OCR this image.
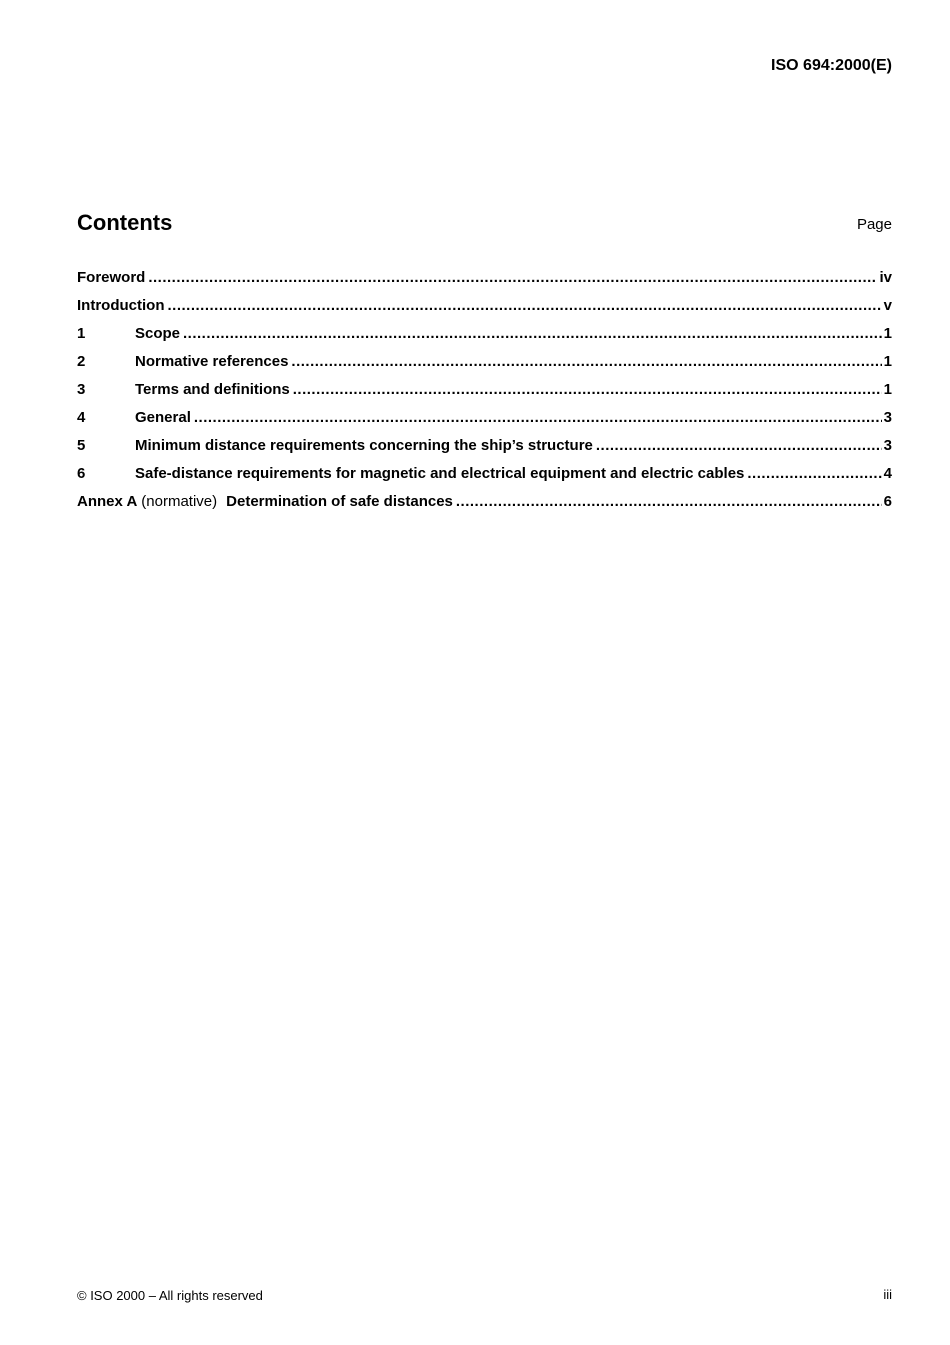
ISO 694:2000(E)
Contents	Page
Foreword .....	iv
Introduction .....	v
1	Scope .....	1
2	Normative references .....	1
3	Terms and definitions .....	1
4	General .....	3
5	Minimum distance requirements concerning the ship’s structure .....	3
6	Safe-distance requirements for magnetic and electrical equipment and electric cables .....	4
Annex A (normative) Determination of safe distances .....	6
© ISO 2000 – All rights reserved	iii
